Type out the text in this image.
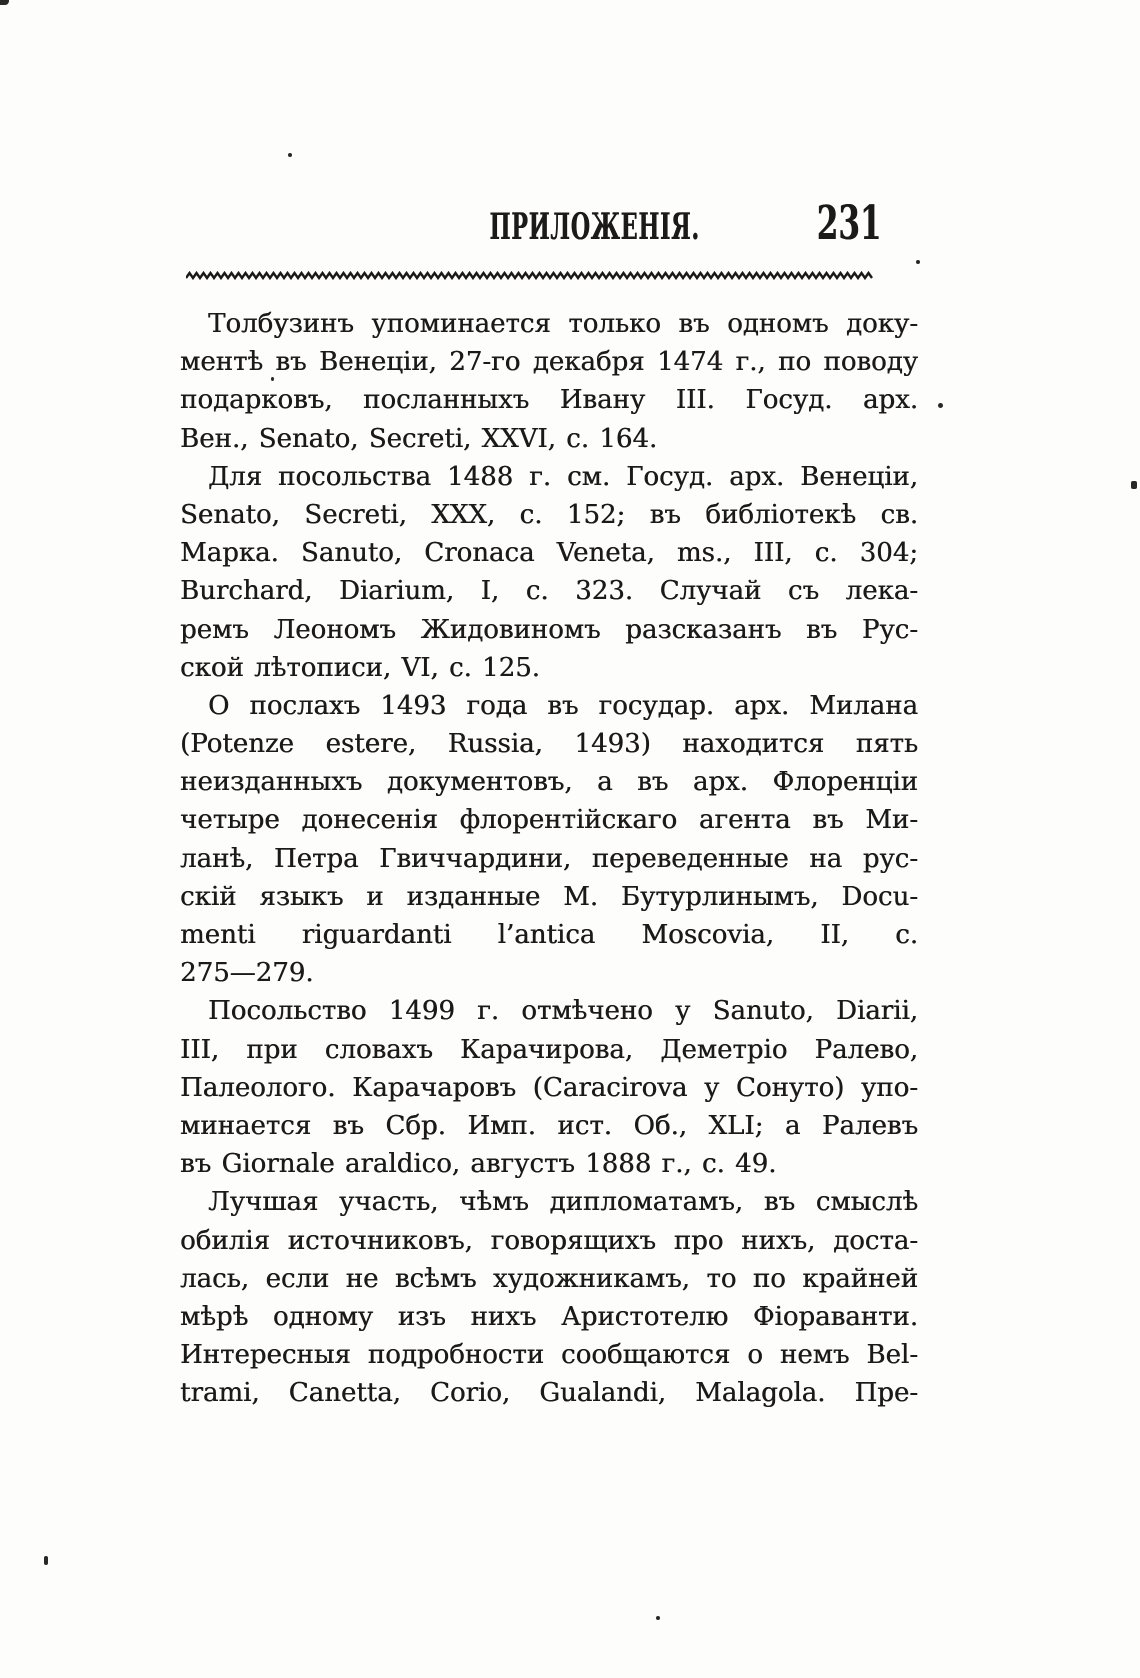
ПРИЛОЖЕНІЯ.	231
Толбузинъ упоминается только въ одномъ доку-
ментѣ въ Венеціи, 27-го декабря 1474 г., по поводу
подарковъ, посланныхъ Ивану III. Госуд. арх.
Вен., Senato, Secreti, XXVI, c. 164.
Для посольства 1488 г. см. Госуд. арх. Венеціи,
Senato, Secreti, XXX, c. 152; въ библіотекѣ св.
Марка. Sanuto, Cronaca Veneta, ms., III, c. 304;
Burchard, Diarium, I, c. 323. Случай съ лека-
ремъ Леономъ Жидовиномъ разсказанъ въ Рус-
ской лѣтописи, VI, c. 125.
О послахъ 1493 года въ государ. арх. Милана
(Potenze estere, Russia, 1493) находится пять
неизданныхъ документовъ, а въ арх. Флоренціи
четыре донесенія флорентійскаго агента въ Ми-
ланѣ, Петра Гвиччардини, переведенные на рус-
скій языкъ и изданные М. Бутурлинымъ, Docu-
menti riguardanti l’antica Moscovia, II, c.
275—279.
Посольство 1499 г. отмѣчено у Sanuto, Diarii,
III, при словахъ Карачирова, Деметріо Ралево,
Палеолого. Карачаровъ (Caracirova у Сонуто) упо-
минается въ Сбр. Имп. ист. Об., XLI; а Ралевъ
въ Giornale araldico, августъ 1888 г., с. 49.
Лучшая участь, чѣмъ дипломатамъ, въ смыслѣ
обилія источниковъ, говорящихъ про нихъ, доста-
лась, если не всѣмъ художникамъ, то по крайней
мѣрѣ одному изъ нихъ Аристотелю Фіораванти.
Интересныя подробности сообщаются о немъ Bel-
trami, Canetta, Corio, Gualandi, Malagola. Пре-
